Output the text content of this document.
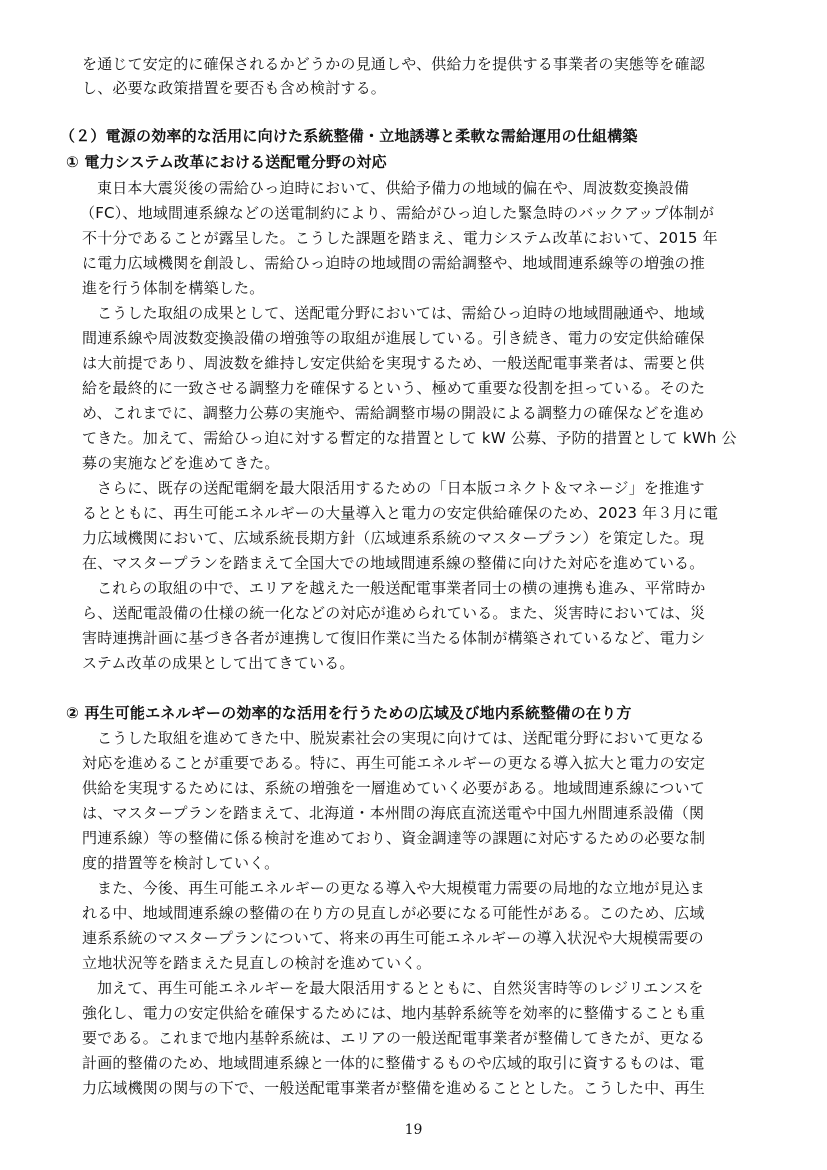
を通じて安定的に確保されるかどうかの見通しや、供給力を提供する事業者の実態等を確認
し、必要な政策措置を要否も含め検討する。
（２）電源の効率的な活用に向けた系統整備・立地誘導と柔軟な需給運用の仕組構築
① 電力システム改革における送配電分野の対応
東日本大震災後の需給ひっ迫時において、供給予備力の地域的偏在や、周波数変換設備
（FC）、地域間連系線などの送電制約により、需給がひっ迫した緊急時のバックアップ体制が
不十分であることが露呈した。こうした課題を踏まえ、電力システム改革において、2015 年
に電力広域機関を創設し、需給ひっ迫時の地域間の需給調整や、地域間連系線等の増強の推
進を行う体制を構築した。
こうした取組の成果として、送配電分野においては、需給ひっ迫時の地域間融通や、地域
間連系線や周波数変換設備の増強等の取組が進展している。引き続き、電力の安定供給確保
は大前提であり、周波数を維持し安定供給を実現するため、一般送配電事業者は、需要と供
給を最終的に一致させる調整力を確保するという、極めて重要な役割を担っている。そのた
め、これまでに、調整力公募の実施や、需給調整市場の開設による調整力の確保などを進め
てきた。加えて、需給ひっ迫に対する暫定的な措置として kW 公募、予防的措置として kWh 公
募の実施などを進めてきた。
さらに、既存の送配電網を最大限活用するための「日本版コネクト＆マネージ」を推進す
るとともに、再生可能エネルギーの大量導入と電力の安定供給確保のため、2023 年３月に電
力広域機関において、広域系統長期方針（広域連系系統のマスタープラン）を策定した。現
在、マスタープランを踏まえて全国大での地域間連系線の整備に向けた対応を進めている。
これらの取組の中で、エリアを越えた一般送配電事業者同士の横の連携も進み、平常時か
ら、送配電設備の仕様の統一化などの対応が進められている。また、災害時においては、災
害時連携計画に基づき各者が連携して復旧作業に当たる体制が構築されているなど、電力シ
ステム改革の成果として出てきている。
② 再生可能エネルギーの効率的な活用を行うための広域及び地内系統整備の在り方
こうした取組を進めてきた中、脱炭素社会の実現に向けては、送配電分野において更なる
対応を進めることが重要である。特に、再生可能エネルギーの更なる導入拡大と電力の安定
供給を実現するためには、系統の増強を一層進めていく必要がある。地域間連系線について
は、マスタープランを踏まえて、北海道・本州間の海底直流送電や中国九州間連系設備（関
門連系線）等の整備に係る検討を進めており、資金調達等の課題に対応するための必要な制
度的措置等を検討していく。
また、今後、再生可能エネルギーの更なる導入や大規模電力需要の局地的な立地が見込ま
れる中、地域間連系線の整備の在り方の見直しが必要になる可能性がある。このため、広域
連系系統のマスタープランについて、将来の再生可能エネルギーの導入状況や大規模需要の
立地状況等を踏まえた見直しの検討を進めていく。
加えて、再生可能エネルギーを最大限活用するとともに、自然災害時等のレジリエンスを
強化し、電力の安定供給を確保するためには、地内基幹系統等を効率的に整備することも重
要である。これまで地内基幹系統は、エリアの一般送配電事業者が整備してきたが、更なる
計画的整備のため、地域間連系線と一体的に整備するものや広域的取引に資するものは、電
力広域機関の関与の下で、一般送配電事業者が整備を進めることとした。こうした中、再生
19
